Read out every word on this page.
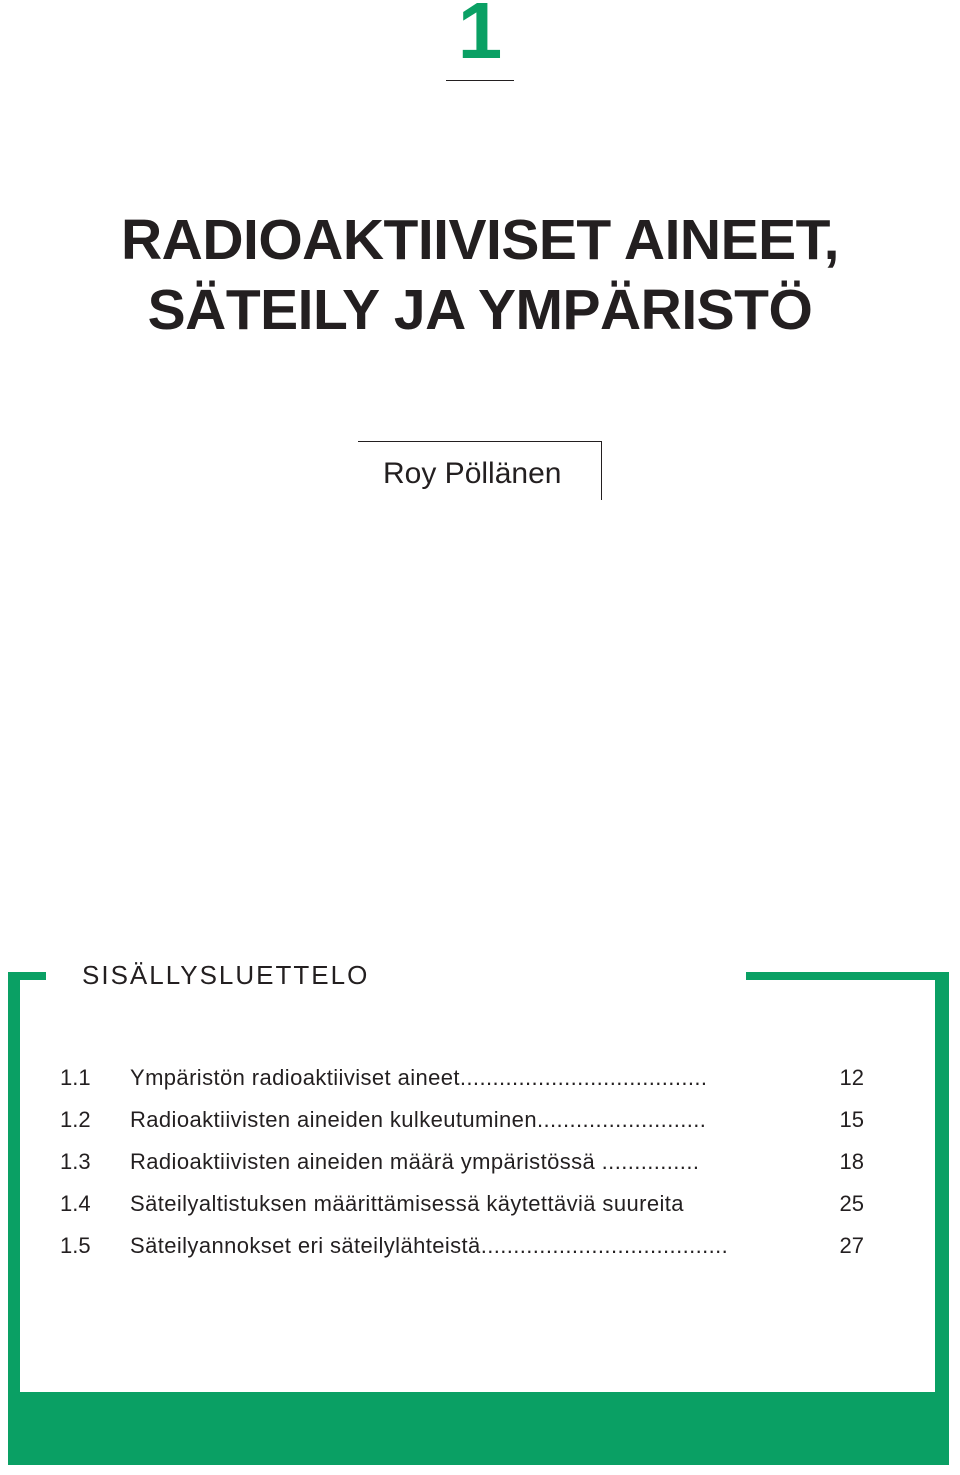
1
RADIOAKTIIVISET AINEET,
SÄTEILY JA YMPÄRISTÖ
Roy Pöllänen
SISÄLLYSLUETTELO
1.1 Ympäristön radioaktiiviset aineet......................................	12
1.2 Radioaktiivisten aineiden kulkeutuminen..........................	15
1.3 Radioaktiivisten aineiden määrä ympäristössä ...............	18
1.4 Säteilyaltistuksen määrittämisessä käytettäviä suureita	25
1.5 Säteilyannokset eri säteilylähteistä......................................	27
